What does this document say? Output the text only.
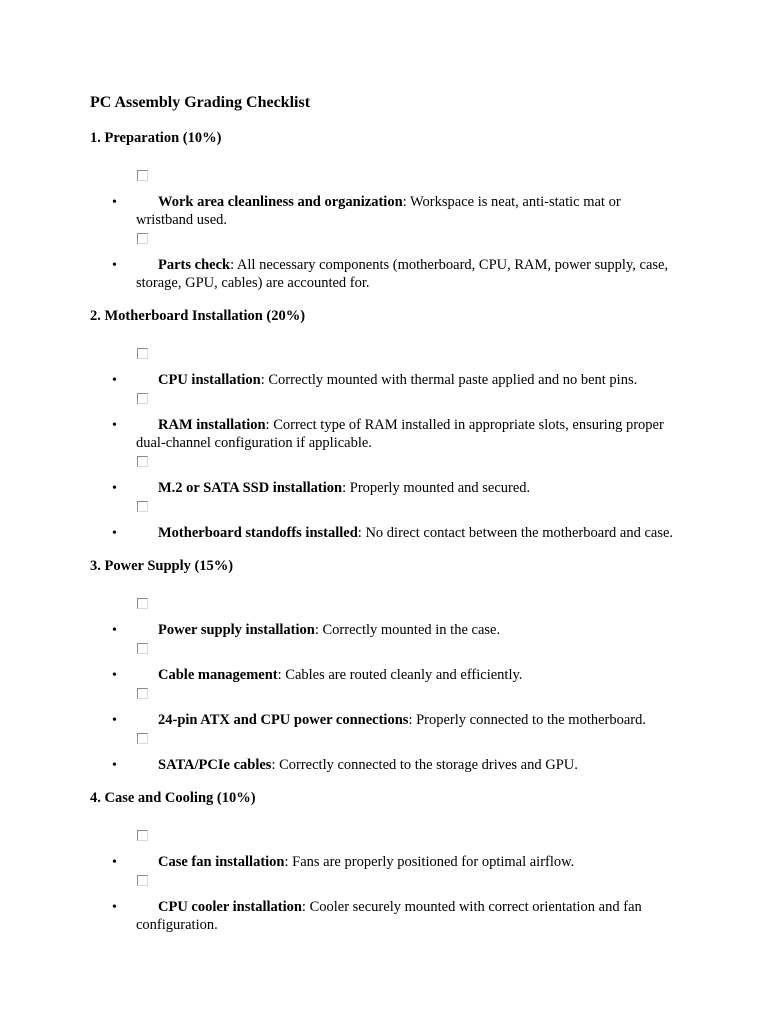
PC Assembly Grading Checklist
1. Preparation (10%)
•	Work area cleanliness and organization: Workspace is neat, anti-static mat or wristband used.
•	Parts check: All necessary components (motherboard, CPU, RAM, power supply, case, storage, GPU, cables) are accounted for.
2. Motherboard Installation (20%)
•	CPU installation: Correctly mounted with thermal paste applied and no bent pins.
•	RAM installation: Correct type of RAM installed in appropriate slots, ensuring proper dual-channel configuration if applicable.
•	M.2 or SATA SSD installation: Properly mounted and secured.
•	Motherboard standoffs installed: No direct contact between the motherboard and case.
3. Power Supply (15%)
•	Power supply installation: Correctly mounted in the case.
•	Cable management: Cables are routed cleanly and efficiently.
•	24-pin ATX and CPU power connections: Properly connected to the motherboard.
•	SATA/PCIe cables: Correctly connected to the storage drives and GPU.
4. Case and Cooling (10%)
•	Case fan installation: Fans are properly positioned for optimal airflow.
•	CPU cooler installation: Cooler securely mounted with correct orientation and fan configuration.
